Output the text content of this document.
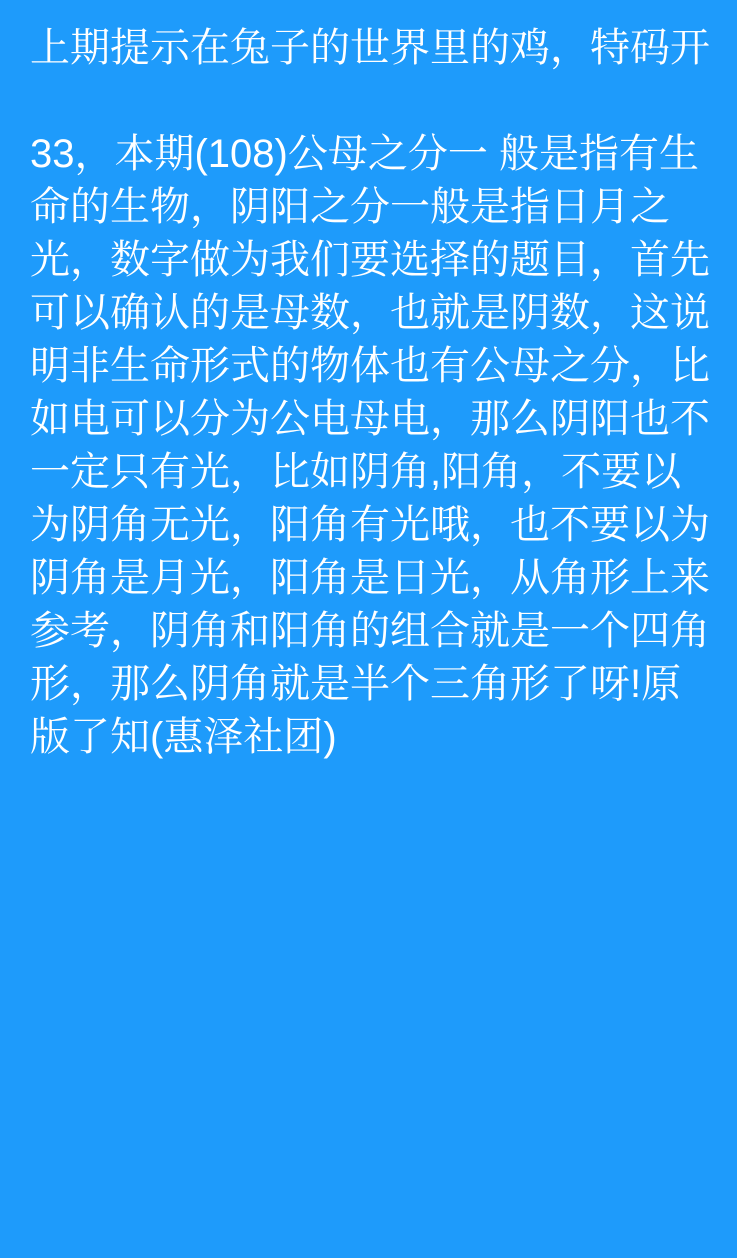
上期提示在兔子的世界里的鸡，特码开
33，本期(108)公母之分一 般是指有生命的生物，阴阳之分一般是指日月之光，数字做为我们要选择的题目，首先可以确认的是母数，也就是阴数，这说明非生命形式的物体也有公母之分，比如电可以分为公电母电，那么阴阳也不一定只有光，比如阴角,阳角，不要以为阴角无光，阳角有光哦，也不要以为阴角是月光，阳角是日光，从角形上来参考，阴角和阳角的组合就是一个四角形，那么阴角就是半个三角形了呀!原版了知(惠泽社团)
